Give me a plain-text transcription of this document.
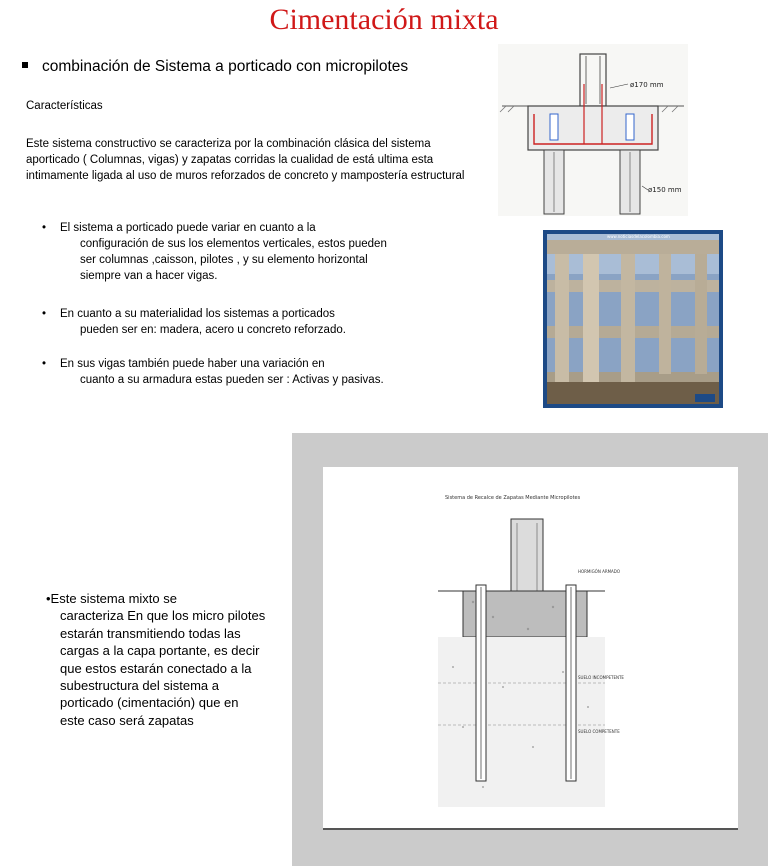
Cimentación mixta
combinación de Sistema a porticado con micropilotes
Características
Este sistema constructivo se caracteriza por la combinación clásica del sistema aporticado ( Columnas, vigas) y zapatas corridas la cualidad de está ultima esta intimamente ligada al uso de muros reforzados de concreto y mampostería estructural
• El sistema a porticado puede variar en cuanto a la
configuración de sus los elementos verticales, estos pueden ser columnas ,caisson, pilotes , y su elemento horizontal siempre van a hacer vigas.
• En cuanto a su materialidad los sistemas a porticados
pueden ser en: madera, acero u concreto reforzado.
• En sus vigas también puede haber una variación en
cuanto a su armadura estas pueden ser : Activas y pasivas.
ø170 mm
ø150 mm
www.noticiasdelacolombia.com
Sistema de Recalce de Zapatas Mediante Micropilotes
HORMIGÓN ARMADO
SUELO INCOMPETENTE
SUELO COMPETENTE
•Este sistema mixto se
caracteriza En que los micro pilotes estarán transmitiendo todas las cargas a la capa portante, es decir que estos estarán conectado a la subestructura del sistema a porticado (cimentación) que en este caso será zapatas
